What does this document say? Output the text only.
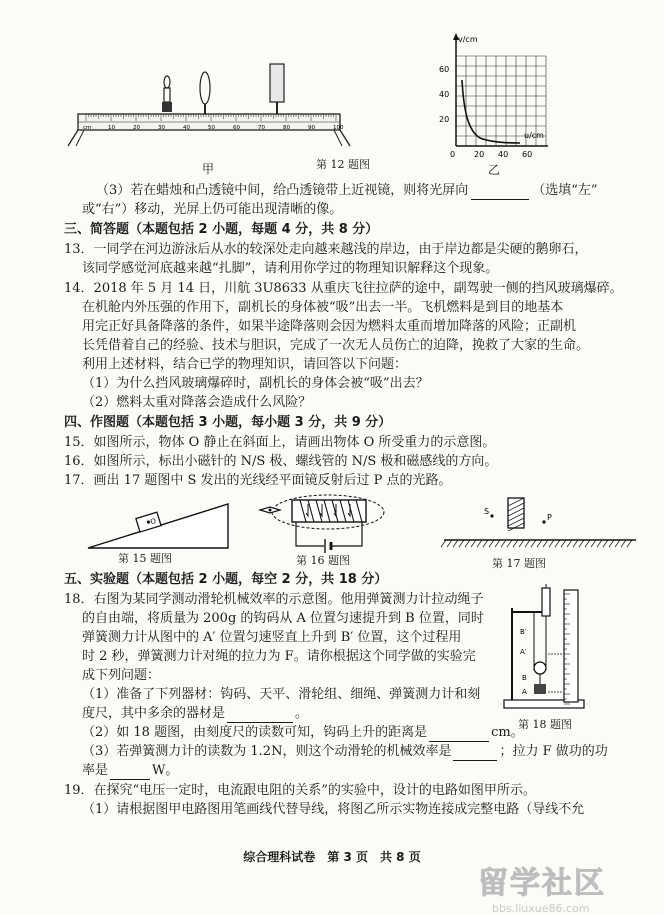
cm	10	20	30	40	50	60	70	80	90	100
甲	第 12 题图
v/cm
u/cm
60
40
20
0 20 40 60
乙
（3）若在蜡烛和凸透镜中间，给凸透镜带上近视镜，则将光屏向	（选填“左”
或“右”）移动，光屏上仍可能出现清晰的像。
三、简答题（本题包括 2 小题，每题 4 分，共 8 分）
13．一同学在河边游泳后从水的较深处走向越来越浅的岸边，由于岸边都是尖硬的鹅卵石，
该同学感觉河底越来越“扎脚”，请利用你学过的物理知识解释这个现象。
14．2018 年 5 月 14 日，川航 3U8633 从重庆飞往拉萨的途中，副驾驶一侧的挡风玻璃爆碎。
在机舱内外压强的作用下，副机长的身体被“吸”出去一半。飞机燃料是到目的地基本
用完正好具备降落的条件，如果半途降落则会因为燃料太重而增加降落的风险；正副机
长凭借着自己的经验、技术与胆识，完成了一次无人员伤亡的迫降，挽救了大家的生命。
利用上述材料，结合已学的物理知识，请回答以下问题：
（1）为什么挡风玻璃爆碎时，副机长的身体会被“吸”出去？
（2）燃料太重对降落会造成什么风险？
四、作图题（本题包括 3 小题，每小题 3 分，共 9 分）
15．如图所示，物体 O 静止在斜面上，请画出物体 O 所受重力的示意图。
16．如图所示，标出小磁针的 N/S 极、螺线管的 N/S 极和磁感线的方向。
17．画出 17 题图中 S 发出的光线经平面镜反射后过 P 点的光路。
O
第 15 题图	第 16 题图
S
P
第 17 题图
五、实验题（本题包括 2 小题，每空 2 分，共 18 分）
18．右图为某同学测动滑轮机械效率的示意图。他用弹簧测力计拉动绳子
的自由端，将质量为 200g 的钩码从 A 位置匀速提升到 B 位置，同时
弹簧测力计从图中的 A′ 位置匀速竖直上升到 B′ 位置，这个过程用
时 2 秒，弹簧测力计对绳的拉力为 F。请你根据这个同学做的实验完
成下列问题：
（1）准备了下列器材：钩码、天平、滑轮组、细绳、弹簧测力计和刻
度尺，其中多余的器材是	。
（2）如 18 题图，由刻度尺的读数可知，钩码上升的距离是	cm。
（3）若弹簧测力计的读数为 1.2N，则这个动滑轮的机械效率是	；拉力 F 做功的功
率是	W。
A′
B′
A
B
第 18 题图
19．在探究“电压一定时，电流跟电阻的关系”的实验中，设计的电路如图甲所示。
（1）请根据图甲电路图用笔画线代替导线，将图乙所示实物连接成完整电路（导线不允
综合理科试卷　第 3 页　共 8 页
留学社区
bbs.liuxue86.com
